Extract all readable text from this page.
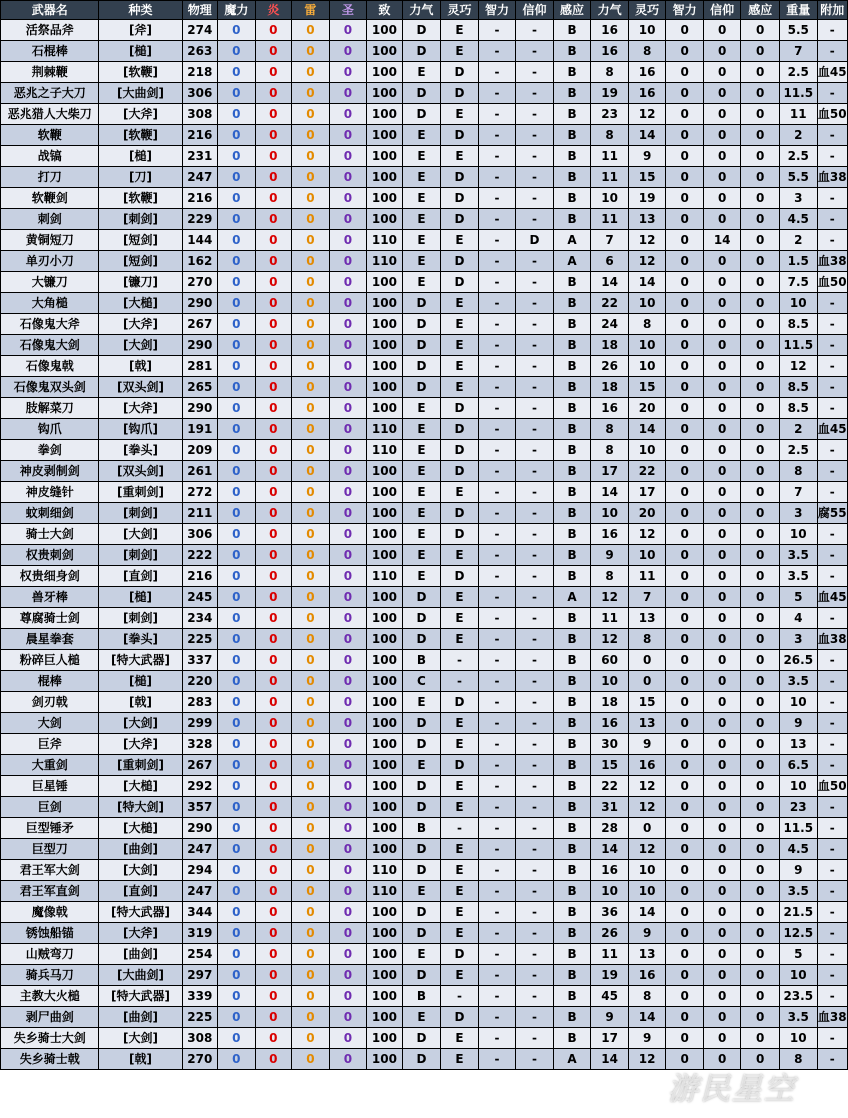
武器名	种类	物理	魔力	炎	雷	圣	致	力气	灵巧	智力	信仰	感应	力气	灵巧	智力	信仰	感应	重量	附加
活祭品斧	[斧]	274	0	0	0	0	100	D	E	-	-	B	16	10	0	0	0	5.5	-
石棍棒	[槌]	263	0	0	0	0	100	D	E	-	-	B	16	8	0	0	0	7	-
荆棘鞭	[软鞭]	218	0	0	0	0	100	E	D	-	-	B	8	16	0	0	0	2.5	血45
恶兆之子大刀	[大曲剑]	306	0	0	0	0	100	D	D	-	-	B	19	16	0	0	0	11.5	-
恶兆猎人大柴刀	[大斧]	308	0	0	0	0	100	D	E	-	-	B	23	12	0	0	0	11	血50
软鞭	[软鞭]	216	0	0	0	0	100	E	D	-	-	B	8	14	0	0	0	2	-
战镐	[槌]	231	0	0	0	0	100	E	E	-	-	B	11	9	0	0	0	2.5	-
打刀	[刀]	247	0	0	0	0	100	E	D	-	-	B	11	15	0	0	0	5.5	血38
软鞭剑	[软鞭]	216	0	0	0	0	100	E	D	-	-	B	10	19	0	0	0	3	-
刺剑	[刺剑]	229	0	0	0	0	100	E	D	-	-	B	11	13	0	0	0	4.5	-
黄铜短刀	[短剑]	144	0	0	0	0	110	E	E	-	D	A	7	12	0	14	0	2	-
单刃小刀	[短剑]	162	0	0	0	0	110	E	D	-	-	A	6	12	0	0	0	1.5	血38
大镰刀	[镰刀]	270	0	0	0	0	100	E	D	-	-	B	14	14	0	0	0	7.5	血50
大角槌	[大槌]	290	0	0	0	0	100	D	E	-	-	B	22	10	0	0	0	10	-
石像鬼大斧	[大斧]	267	0	0	0	0	100	D	E	-	-	B	24	8	0	0	0	8.5	-
石像鬼大剑	[大剑]	290	0	0	0	0	100	D	E	-	-	B	18	10	0	0	0	11.5	-
石像鬼戟	[戟]	281	0	0	0	0	100	D	E	-	-	B	26	10	0	0	0	12	-
石像鬼双头剑	[双头剑]	265	0	0	0	0	100	D	E	-	-	B	18	15	0	0	0	8.5	-
肢解菜刀	[大斧]	290	0	0	0	0	100	E	D	-	-	B	16	20	0	0	0	8.5	-
钩爪	[钩爪]	191	0	0	0	0	110	E	D	-	-	B	8	14	0	0	0	2	血45
拳剑	[拳头]	209	0	0	0	0	110	E	D	-	-	B	8	10	0	0	0	2.5	-
神皮剥制剑	[双头剑]	261	0	0	0	0	100	E	D	-	-	B	17	22	0	0	0	8	-
神皮缝针	[重刺剑]	272	0	0	0	0	100	E	E	-	-	B	14	17	0	0	0	7	-
蚊刺细剑	[刺剑]	211	0	0	0	0	100	E	D	-	-	B	10	20	0	0	0	3	腐55
骑士大剑	[大剑]	306	0	0	0	0	100	E	D	-	-	B	16	12	0	0	0	10	-
权贵刺剑	[刺剑]	222	0	0	0	0	100	E	E	-	-	B	9	10	0	0	0	3.5	-
权贵细身剑	[直剑]	216	0	0	0	0	110	E	D	-	-	B	8	11	0	0	0	3.5	-
兽牙棒	[槌]	245	0	0	0	0	100	D	E	-	-	A	12	7	0	0	0	5	血45
尊腐骑士剑	[刺剑]	234	0	0	0	0	100	D	E	-	-	B	11	13	0	0	0	4	-
晨星拳套	[拳头]	225	0	0	0	0	100	D	E	-	-	B	12	8	0	0	0	3	血38
粉碎巨人槌	[特大武器]	337	0	0	0	0	100	B	-	-	-	B	60	0	0	0	0	26.5	-
棍棒	[槌]	220	0	0	0	0	100	C	-	-	-	B	10	0	0	0	0	3.5	-
剑刃戟	[戟]	283	0	0	0	0	100	E	D	-	-	B	18	15	0	0	0	10	-
大剑	[大剑]	299	0	0	0	0	100	D	E	-	-	B	16	13	0	0	0	9	-
巨斧	[大斧]	328	0	0	0	0	100	D	E	-	-	B	30	9	0	0	0	13	-
大重剑	[重刺剑]	267	0	0	0	0	100	E	D	-	-	B	15	16	0	0	0	6.5	-
巨星锤	[大槌]	292	0	0	0	0	100	D	E	-	-	B	22	12	0	0	0	10	血50
巨剑	[特大剑]	357	0	0	0	0	100	D	E	-	-	B	31	12	0	0	0	23	-
巨型锤矛	[大槌]	290	0	0	0	0	100	B	-	-	-	B	28	0	0	0	0	11.5	-
巨型刀	[曲剑]	247	0	0	0	0	100	D	E	-	-	B	14	12	0	0	0	4.5	-
君王军大剑	[大剑]	294	0	0	0	0	110	D	E	-	-	B	16	10	0	0	0	9	-
君王军直剑	[直剑]	247	0	0	0	0	110	E	E	-	-	B	10	10	0	0	0	3.5	-
魔像戟	[特大武器]	344	0	0	0	0	100	D	E	-	-	B	36	14	0	0	0	21.5	-
锈蚀船锚	[大斧]	319	0	0	0	0	100	D	E	-	-	B	26	9	0	0	0	12.5	-
山贼弯刀	[曲剑]	254	0	0	0	0	100	E	D	-	-	B	11	13	0	0	0	5	-
骑兵马刀	[大曲剑]	297	0	0	0	0	100	D	E	-	-	B	19	16	0	0	0	10	-
主教大火槌	[特大武器]	339	0	0	0	0	100	B	-	-	-	B	45	8	0	0	0	23.5	-
剥尸曲剑	[曲剑]	225	0	0	0	0	100	E	D	-	-	B	9	14	0	0	0	3.5	血38
失乡骑士大剑	[大剑]	308	0	0	0	0	100	D	E	-	-	B	17	9	0	0	0	10	-
失乡骑士戟	[戟]	270	0	0	0	0	100	D	E	-	-	A	14	12	0	0	0	8	-
游民星空
